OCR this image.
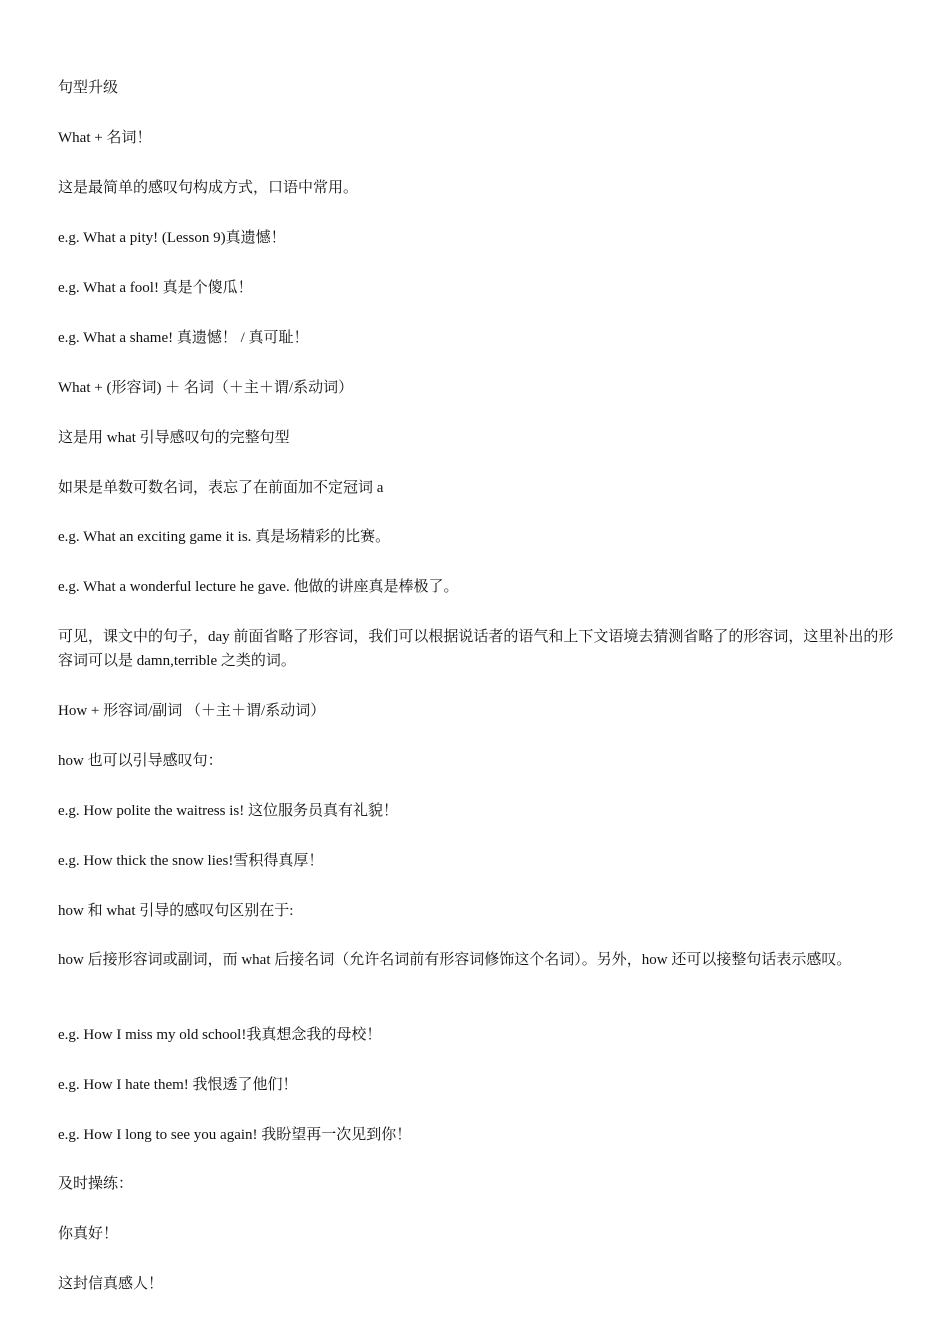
句型升级
What + 名词！
这是最简单的感叹句构成方式，口语中常用。
e.g. What a pity! (Lesson 9)真遗憾！
e.g. What a fool! 真是个傻瓜！
e.g. What a shame! 真遗憾！ / 真可耻！
What + (形容词) ＋ 名词（＋主＋谓/系动词）
这是用 what 引导感叹句的完整句型
如果是单数可数名词，表忘了在前面加不定冠词 a
e.g. What an exciting game it is. 真是场精彩的比赛。
e.g. What a wonderful lecture he gave. 他做的讲座真是棒极了。
可见，课文中的句子，day 前面省略了形容词，我们可以根据说话者的语气和上下文语境去猜测省略了的形容词，这里补出的形容词可以是 damn,terrible 之类的词。
How + 形容词/副词 （＋主＋谓/系动词）
how 也可以引导感叹句：
e.g. How polite the waitress is! 这位服务员真有礼貌！
e.g. How thick the snow lies!雪积得真厚！
how 和 what 引导的感叹句区别在于:
how 后接形容词或副词，而 what 后接名词（允许名词前有形容词修饰这个名词）。另外，how 还可以接整句话表示感叹。
e.g. How I miss my old school!我真想念我的母校！
e.g. How I hate them! 我恨透了他们！
e.g. How I long to see you again! 我盼望再一次见到你！
及时操练：
你真好！
这封信真感人！
